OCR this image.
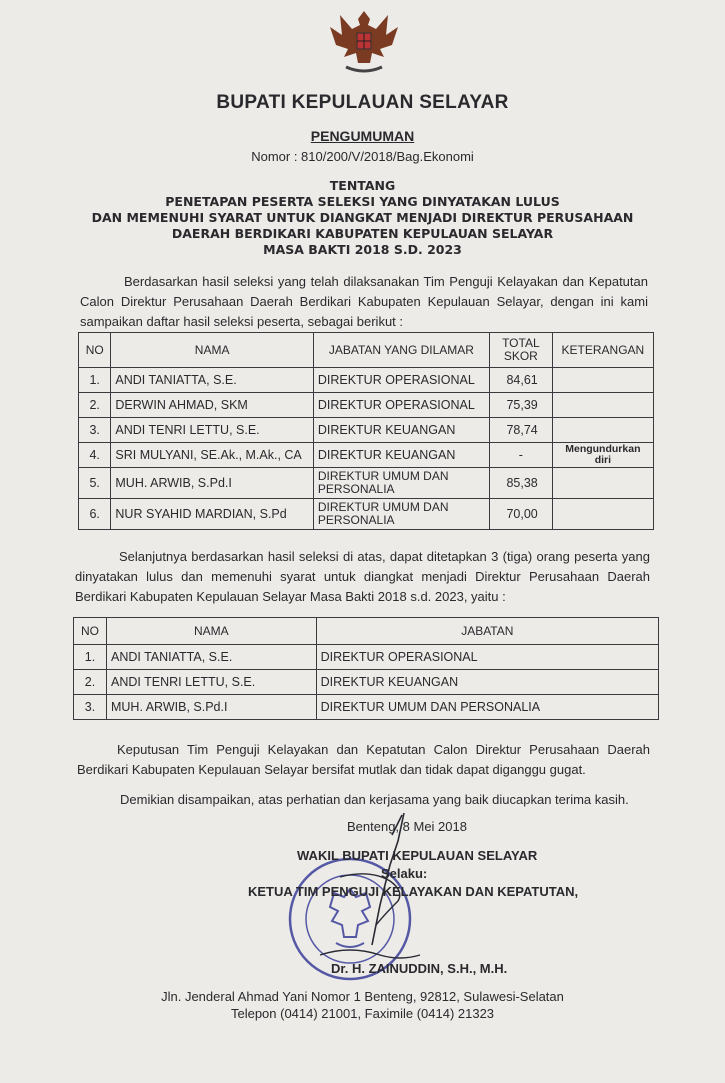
BUPATI KEPULAUAN SELAYAR
PENGUMUMAN
Nomor : 810/200/V/2018/Bag.Ekonomi
TENTANG
PENETAPAN PESERTA SELEKSI YANG DINYATAKAN LULUS
DAN MEMENUHI SYARAT UNTUK DIANGKAT MENJADI DIREKTUR PERUSAHAAN
DAERAH BERDIKARI KABUPATEN KEPULAUAN SELAYAR
MASA BAKTI 2018 S.D. 2023
Berdasarkan hasil seleksi yang telah dilaksanakan Tim Penguji Kelayakan dan Kepatutan Calon Direktur Perusahaan Daerah Berdikari Kabupaten Kepulauan Selayar, dengan ini kami sampaikan daftar hasil seleksi peserta, sebagai berikut :
NO	NAMA	JABATAN YANG DILAMAR	TOTAL SKOR	KETERANGAN
1.	ANDI TANIATTA, S.E.	DIREKTUR OPERASIONAL	84,61	
2.	DERWIN AHMAD, SKM	DIREKTUR OPERASIONAL	75,39	
3.	ANDI TENRI LETTU, S.E.	DIREKTUR KEUANGAN	78,74	
4.	SRI MULYANI, SE.Ak., M.Ak., CA	DIREKTUR KEUANGAN	-	Mengundurkan diri
5.	MUH. ARWIB, S.Pd.I	DIREKTUR UMUM DAN PERSONALIA	85,38	
6.	NUR SYAHID MARDIAN, S.Pd	DIREKTUR UMUM DAN PERSONALIA	70,00	
Selanjutnya berdasarkan hasil seleksi di atas, dapat ditetapkan 3 (tiga) orang peserta yang dinyatakan lulus dan memenuhi syarat untuk diangkat menjadi Direktur Perusahaan Daerah Berdikari Kabupaten Kepulauan Selayar Masa Bakti 2018 s.d. 2023, yaitu :
NO	NAMA	JABATAN
1.	ANDI TANIATTA, S.E.	DIREKTUR OPERASIONAL
2.	ANDI TENRI LETTU, S.E.	DIREKTUR KEUANGAN
3.	MUH. ARWIB, S.Pd.I	DIREKTUR UMUM DAN PERSONALIA
Keputusan Tim Penguji Kelayakan dan Kepatutan Calon Direktur Perusahaan Daerah Berdikari Kabupaten Kepulauan Selayar bersifat mutlak dan tidak dapat diganggu gugat.
Demikian disampaikan, atas perhatian dan kerjasama yang baik diucapkan terima kasih.
Benteng, 8 Mei 2018
WAKIL BUPATI KEPULAUAN SELAYAR
Selaku:
KETUA TIM PENGUJI KELAYAKAN DAN KEPATUTAN,
Dr. H. ZAINUDDIN, S.H., M.H.
Jln. Jenderal Ahmad Yani Nomor 1 Benteng, 92812, Sulawesi-Selatan
Telepon (0414) 21001, Faximile (0414) 21323
